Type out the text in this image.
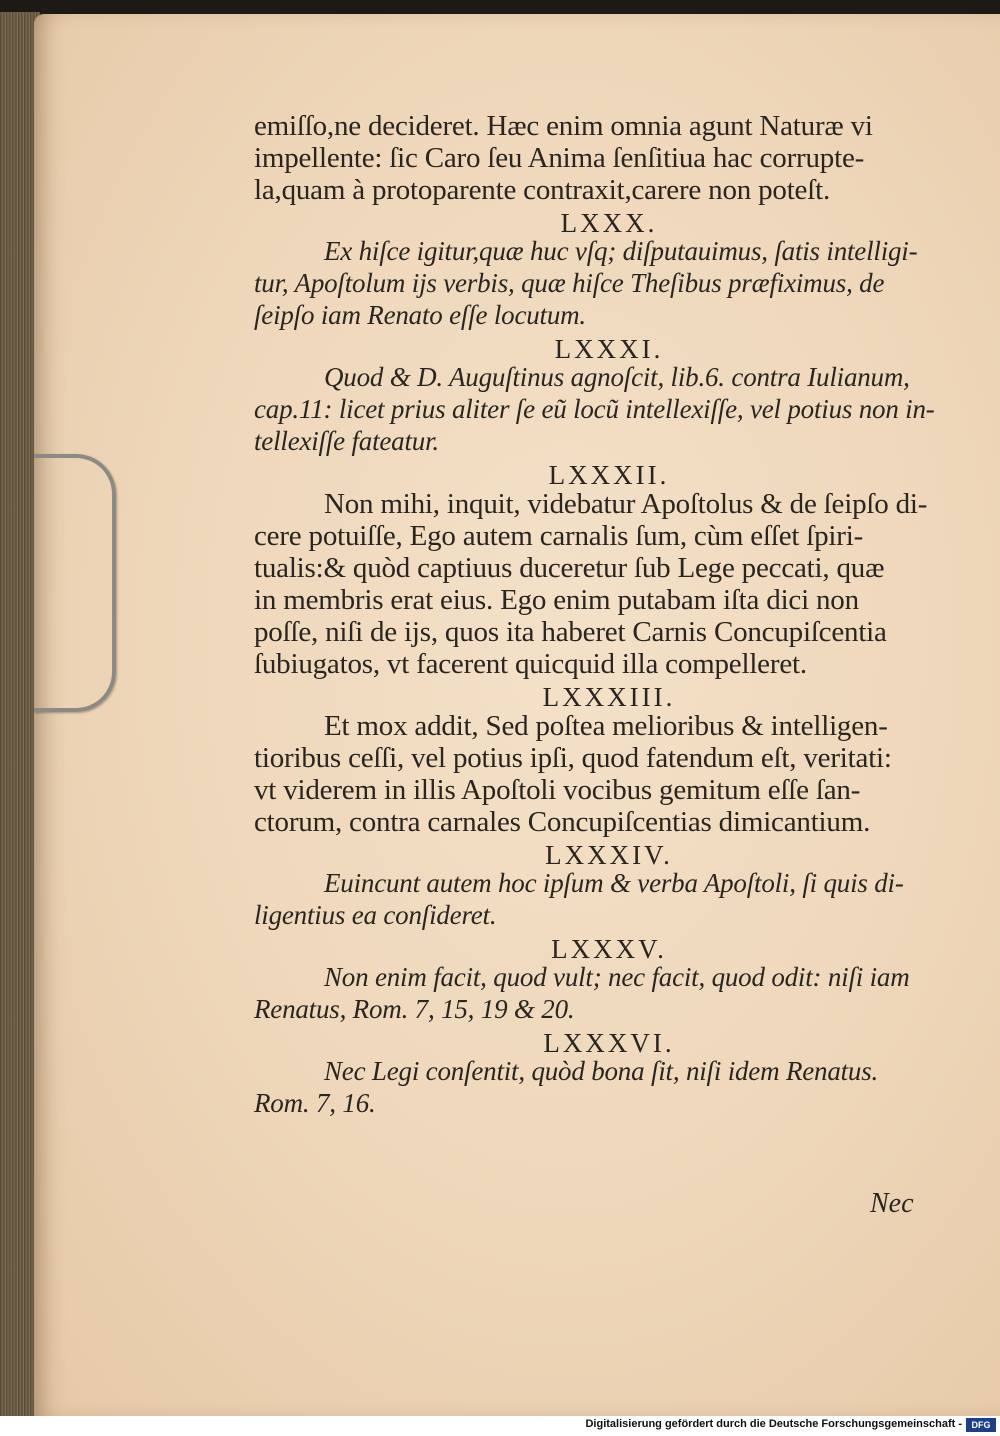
emiſſo,ne decideret. Hæc enim omnia agunt Naturæ vi
impellente: ſic Caro ſeu Anima ſenſitiua hac corrupte-
la,quam à protoparente contraxit,carere non poteſt.
LXXX.
Ex hiſce igitur,quæ huc vſq; diſputauimus, ſatis intelligi-
tur, Apoſtolum ijs verbis, quæ hiſce Theſibus præfiximus, de
ſeipſo iam Renato eſſe locutum.
LXXXI.
Quod & D. Auguſtinus agnoſcit, lib.6. contra Iulianum,
cap.11: licet prius aliter ſe eũ locũ intellexiſſe, vel potius non in-
tellexiſſe fateatur.
LXXXII.
Non mihi, inquit, videbatur Apoſtolus & de ſeipſo di-
cere potuiſſe, Ego autem carnalis ſum, cùm eſſet ſpiri-
tualis:& quòd captiuus duceretur ſub Lege peccati, quæ
in membris erat eius. Ego enim putabam iſta dici non
poſſe, niſi de ijs, quos ita haberet Carnis Concupiſcentia
ſubiugatos, vt facerent quicquid illa compelleret.
LXXXIII.
Et mox addit, Sed poſtea melioribus & intelligen-
tioribus ceſſi, vel potius ipſi, quod fatendum eſt, veritati:
vt viderem in illis Apoſtoli vocibus gemitum eſſe ſan-
ctorum, contra carnales Concupiſcentias dimicantium.
LXXXIV.
Euincunt autem hoc ipſum & verba Apoſtoli, ſi quis di-
ligentius ea conſideret.
LXXXV.
Non enim facit, quod vult; nec facit, quod odit: niſi iam
Renatus, Rom. 7, 15, 19 & 20.
LXXXVI.
Nec Legi conſentit, quòd bona ſit, niſi idem Renatus.
Rom. 7, 16.
Nec
Digitalisierung gefördert durch die Deutsche Forschungsgemeinschaft -	DFG
